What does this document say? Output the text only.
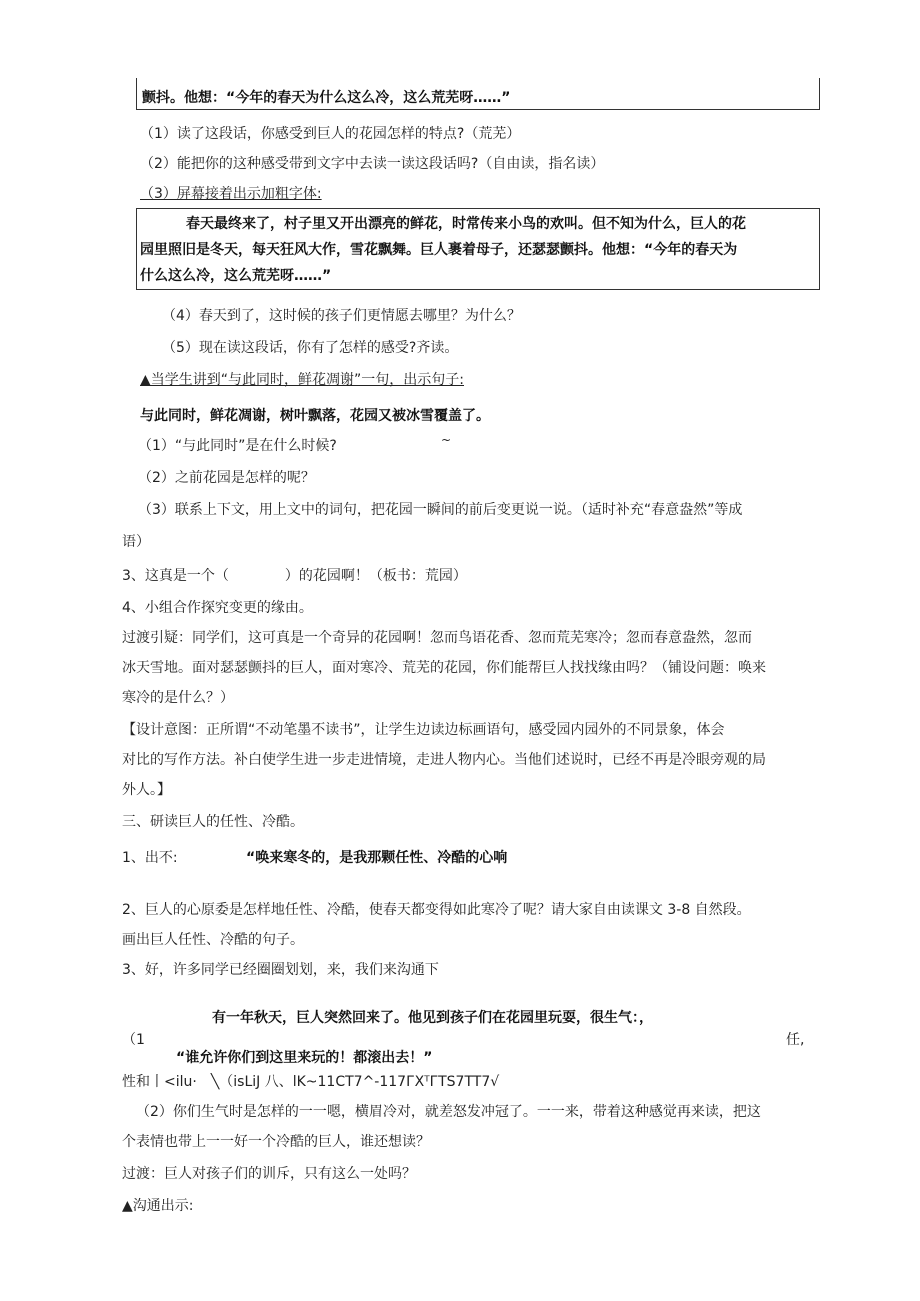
颤抖。他想：“今年的春天为什么这么冷，这么荒芜呀……”
（1）读了这段话，你感受到巨人的花园怎样的特点?（荒芜）
（2）能把你的这种感受带到文字中去读一读这段话吗?（自由读，指名读）
（3）屏幕接着出示加粗字体:
春天最终来了，村子里又开出漂亮的鲜花，时常传来小鸟的欢叫。但不知为什么，巨人的花
园里照旧是冬天，每天狂风大作，雪花飘舞。巨人裹着母子，还瑟瑟颤抖。他想：“今年的春天为
什么这么冷，这么荒芜呀……”
（4）春天到了，这时候的孩子们更情愿去哪里？为什么？
（5）现在读这段话，你有了怎样的感受?齐读。
▲当学生讲到“与此同时，鲜花凋谢”一句，出示句子:
与此同时，鲜花凋谢，树叶飘落，花园又被冰雪覆盖了。
（1）“与此同时”是在什么时候?	~
（2）之前花园是怎样的呢？
（3）联系上下文，用上文中的词句，把花园一瞬间的前后变更说一说。（适时补充“春意盎然”等成
语）
3、这真是一个（　　　　）的花园啊！（板书：荒园）
4、小组合作探究变更的缘由。
过渡引疑：同学们，这可真是一个奇异的花园啊！忽而鸟语花香、忽而荒芜寒冷；忽而春意盎然，忽而
冰天雪地。面对瑟瑟颤抖的巨人，面对寒冷、荒芜的花园，你们能帮巨人找找缘由吗？（铺设问题：唤来
寒冷的是什么？）
【设计意图：正所谓“不动笔墨不读书”，让学生边读边标画语句，感受园内园外的不同景象，体会
对比的写作方法。补白使学生进一步走进情境，走进人物内心。当他们述说时，已经不再是冷眼旁观的局
外人。】
三、研读巨人的任性、冷酷。
1、出不:	“唤来寒冬的，是我那颗任性、冷酷的心响
2、巨人的心原委是怎样地任性、冷酷，使春天都变得如此寒冷了呢？请大家自由读课文 3-8 自然段。
画出巨人任性、冷酷的句子。
3、好，许多同学已经圈圈划划，来，我们来沟通下
有一年秋天，巨人突然回来了。他见到孩子们在花园里玩耍，很生气：，
（1	任,
“谁允许你们到这里来玩的！都滚出去！”
性和丨<ilu·　╲（isLiJ 八、lK~11CT7^-117ГXᵀГTS7TT7√
（2）你们生气时是怎样的一一嗯，横眉冷对，就差怒发冲冠了。一一来，带着这种感觉再来读，把这
个表情也带上一一好一个冷酷的巨人，谁还想读？
过渡：巨人对孩子们的训斥，只有这么一处吗？
▲沟通出示:
